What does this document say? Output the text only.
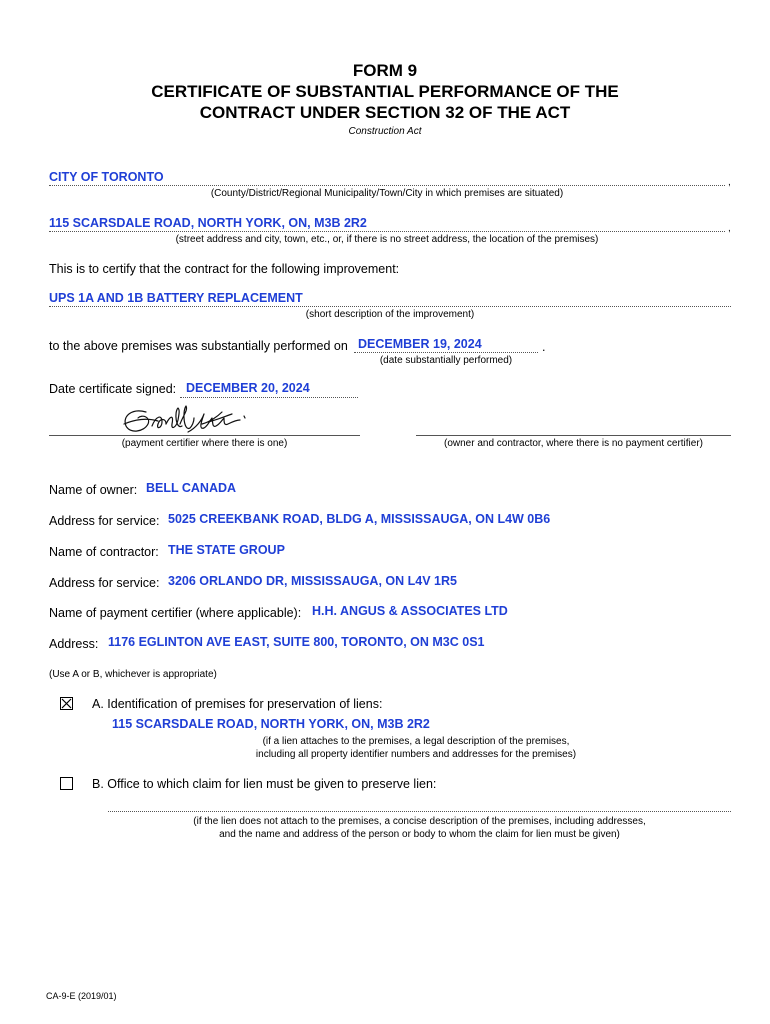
FORM 9
CERTIFICATE OF SUBSTANTIAL PERFORMANCE OF THE
CONTRACT UNDER SECTION 32 OF THE ACT
Construction Act
CITY OF TORONTO	,
(County/District/Regional Municipality/Town/City in which premises are situated)
115 SCARSDALE ROAD, NORTH YORK, ON, M3B 2R2	,
(street address and city, town, etc., or, if there is no street address, the location of the premises)
This is to certify that the contract for the following improvement:
UPS 1A AND 1B BATTERY REPLACEMENT
(short description of the improvement)
to the above premises was substantially performed on DECEMBER 19, 2024	.
(date substantially performed)
Date certificate signed: DECEMBER 20, 2024
(payment certifier where there is one)	(owner and contractor, where there is no payment certifier)
Name of owner: BELL CANADA
Address for service: 5025 CREEKBANK ROAD, BLDG A, MISSISSAUGA, ON L4W 0B6
Name of contractor: THE STATE GROUP
Address for service: 3206 ORLANDO DR, MISSISSAUGA, ON L4V 1R5
Name of payment certifier (where applicable): H.H. ANGUS & ASSOCIATES LTD
Address: 1176 EGLINTON AVE EAST, SUITE 800, TORONTO, ON M3C 0S1
(Use A or B, whichever is appropriate)
A. Identification of premises for preservation of liens:
115 SCARSDALE ROAD, NORTH YORK, ON, M3B 2R2
(if a lien attaches to the premises, a legal description of the premises,
including all property identifier numbers and addresses for the premises)
B. Office to which claim for lien must be given to preserve lien:
(if the lien does not attach to the premises, a concise description of the premises, including addresses,
and the name and address of the person or body to whom the claim for lien must be given)
CA-9-E (2019/01)
